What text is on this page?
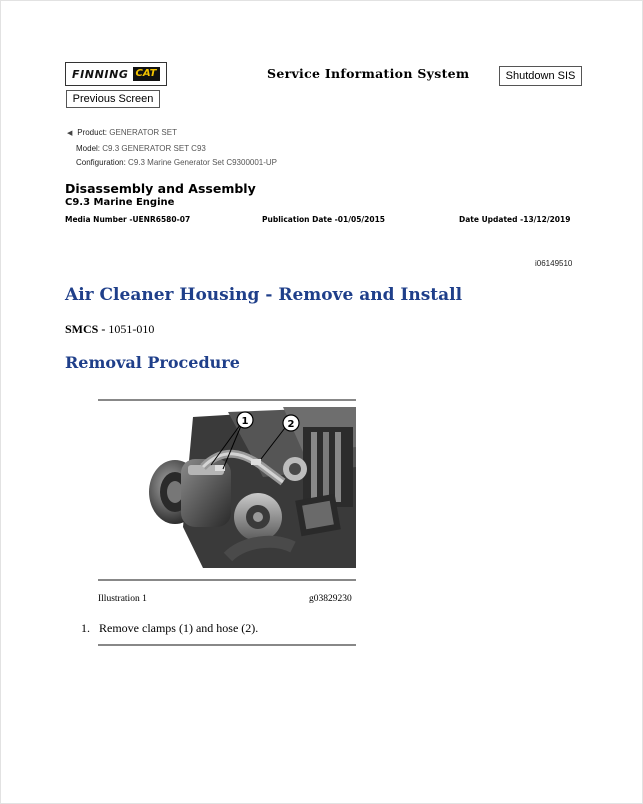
FINNING CAT	Service Information System	Shutdown SIS
Previous Screen
◀ Product: GENERATOR SET
Model: C9.3 GENERATOR SET C93
Configuration: C9.3 Marine Generator Set C9300001-UP
Disassembly and Assembly
C9.3 Marine Engine
Media Number -UENR6580-07	Publication Date -01/05/2015	Date Updated -13/12/2019
i06149510
Air Cleaner Housing - Remove and Install
SMCS - 1051-010
Removal Procedure
1	2
Illustration 1	g03829230
1. Remove clamps (1) and hose (2).
